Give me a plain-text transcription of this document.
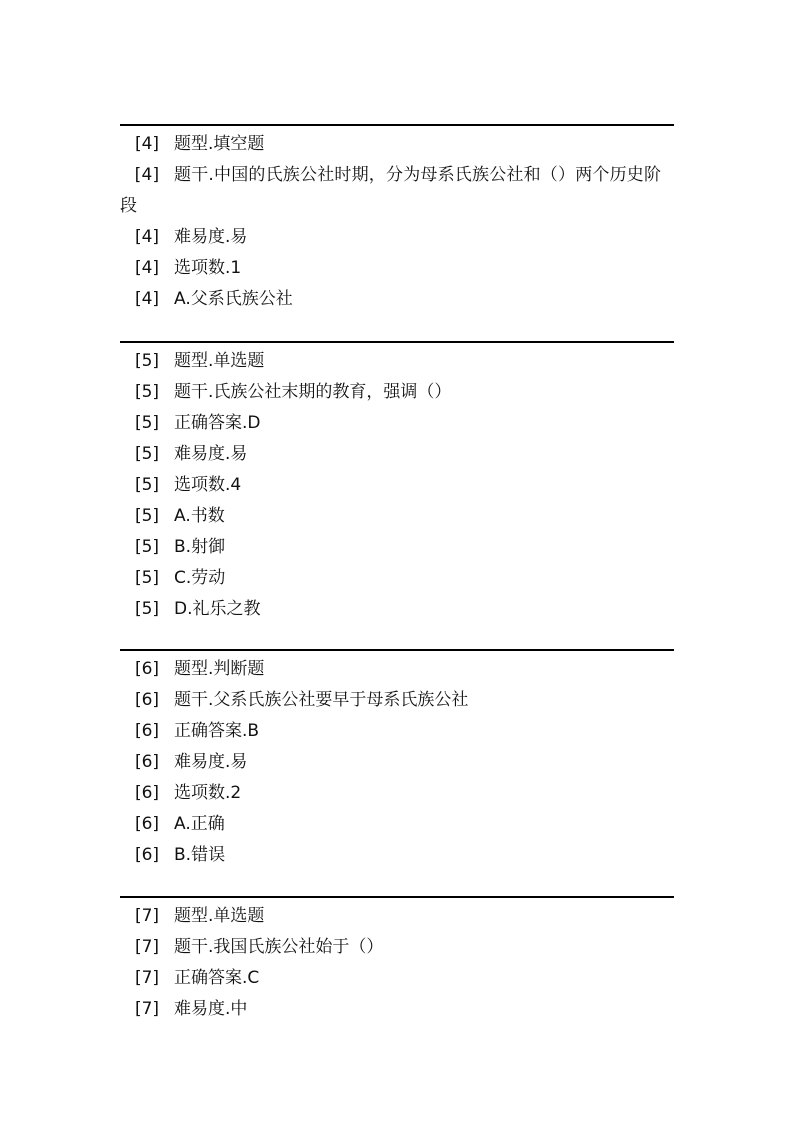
[4] 题型.填空题
[4] 题干.中国的氏族公社时期，分为母系氏族公社和（）两个历史阶段
[4] 难易度.易
[4] 选项数.1
[4] A.父系氏族公社
[5] 题型.单选题
[5] 题干.氏族公社末期的教育，强调（）
[5] 正确答案.D
[5] 难易度.易
[5] 选项数.4
[5] A.书数
[5] B.射御
[5] C.劳动
[5] D.礼乐之教
[6] 题型.判断题
[6] 题干.父系氏族公社要早于母系氏族公社
[6] 正确答案.B
[6] 难易度.易
[6] 选项数.2
[6] A.正确
[6] B.错误
[7] 题型.单选题
[7] 题干.我国氏族公社始于（）
[7] 正确答案.C
[7] 难易度.中
